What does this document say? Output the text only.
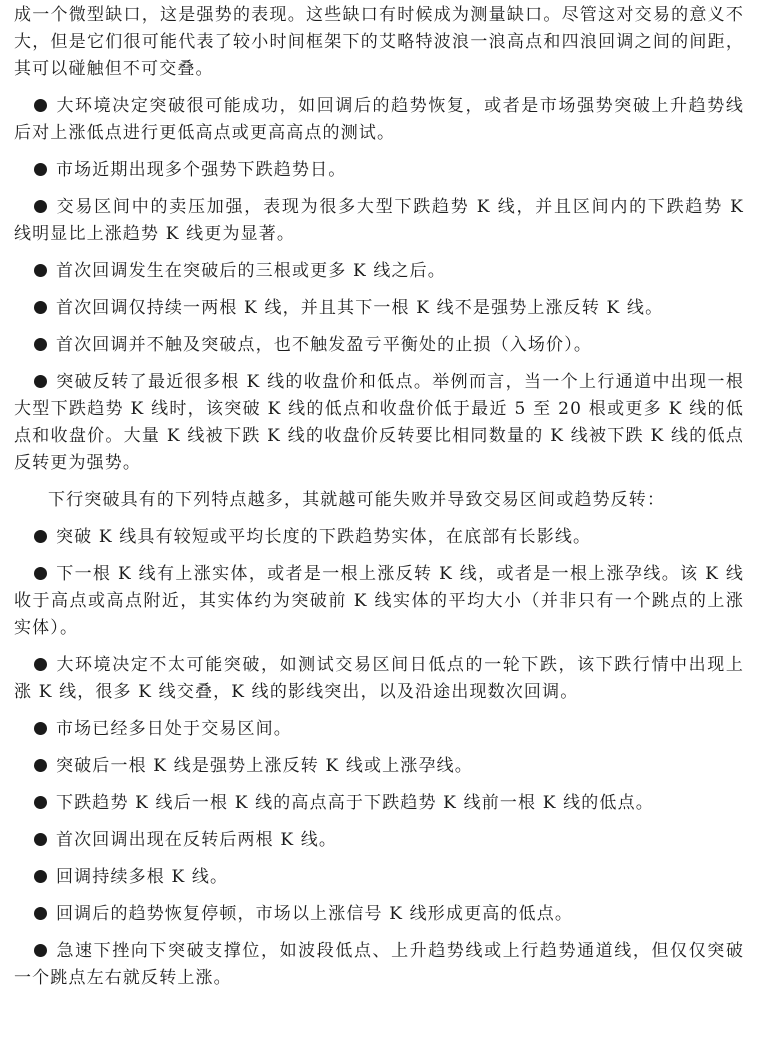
成一个微型缺口，这是强势的表现。这些缺口有时候成为测量缺口。尽管这对交易的意义不大，但是它们很可能代表了较小时间框架下的艾略特波浪一浪高点和四浪回调之间的间距，其可以碰触但不可交叠。

大环境决定突破很可能成功，如回调后的趋势恢复，或者是市场强势突破上升趋势线后对上涨低点进行更低高点或更高高点的测试。

市场近期出现多个强势下跌趋势日。

交易区间中的卖压加强，表现为很多大型下跌趋势 K 线，并且区间内的下跌趋势 K 线明显比上涨趋势 K 线更为显著。

首次回调发生在突破后的三根或更多 K 线之后。

首次回调仅持续一两根 K 线，并且其下一根 K 线不是强势上涨反转 K 线。

首次回调并不触及突破点，也不触发盈亏平衡处的止损（入场价）。

突破反转了最近很多根 K 线的收盘价和低点。举例而言，当一个上行通道中出现一根大型下跌趋势 K 线时，该突破 K 线的低点和收盘价低于最近 5 至 20 根或更多 K 线的低点和收盘价。大量 K 线被下跌 K 线的收盘价反转要比相同数量的 K 线被下跌 K 线的低点反转更为强势。

下行突破具有的下列特点越多，其就越可能失败并导致交易区间或趋势反转：

突破 K 线具有较短或平均长度的下跌趋势实体，在底部有长影线。

下一根 K 线有上涨实体，或者是一根上涨反转 K 线，或者是一根上涨孕线。该 K 线收于高点或高点附近，其实体约为突破前 K 线实体的平均大小（并非只有一个跳点的上涨实体）。

大环境决定不太可能突破，如测试交易区间日低点的一轮下跌，该下跌行情中出现上涨 K 线，很多 K 线交叠，K 线的影线突出，以及沿途出现数次回调。

市场已经多日处于交易区间。

突破后一根 K 线是强势上涨反转 K 线或上涨孕线。

下跌趋势 K 线后一根 K 线的高点高于下跌趋势 K 线前一根 K 线的低点。

首次回调出现在反转后两根 K 线。

回调持续多根 K 线。

回调后的趋势恢复停顿，市场以上涨信号 K 线形成更高的低点。

急速下挫向下突破支撑位，如波段低点、上升趋势线或上行趋势通道线，但仅仅突破一个跳点左右就反转上涨。
